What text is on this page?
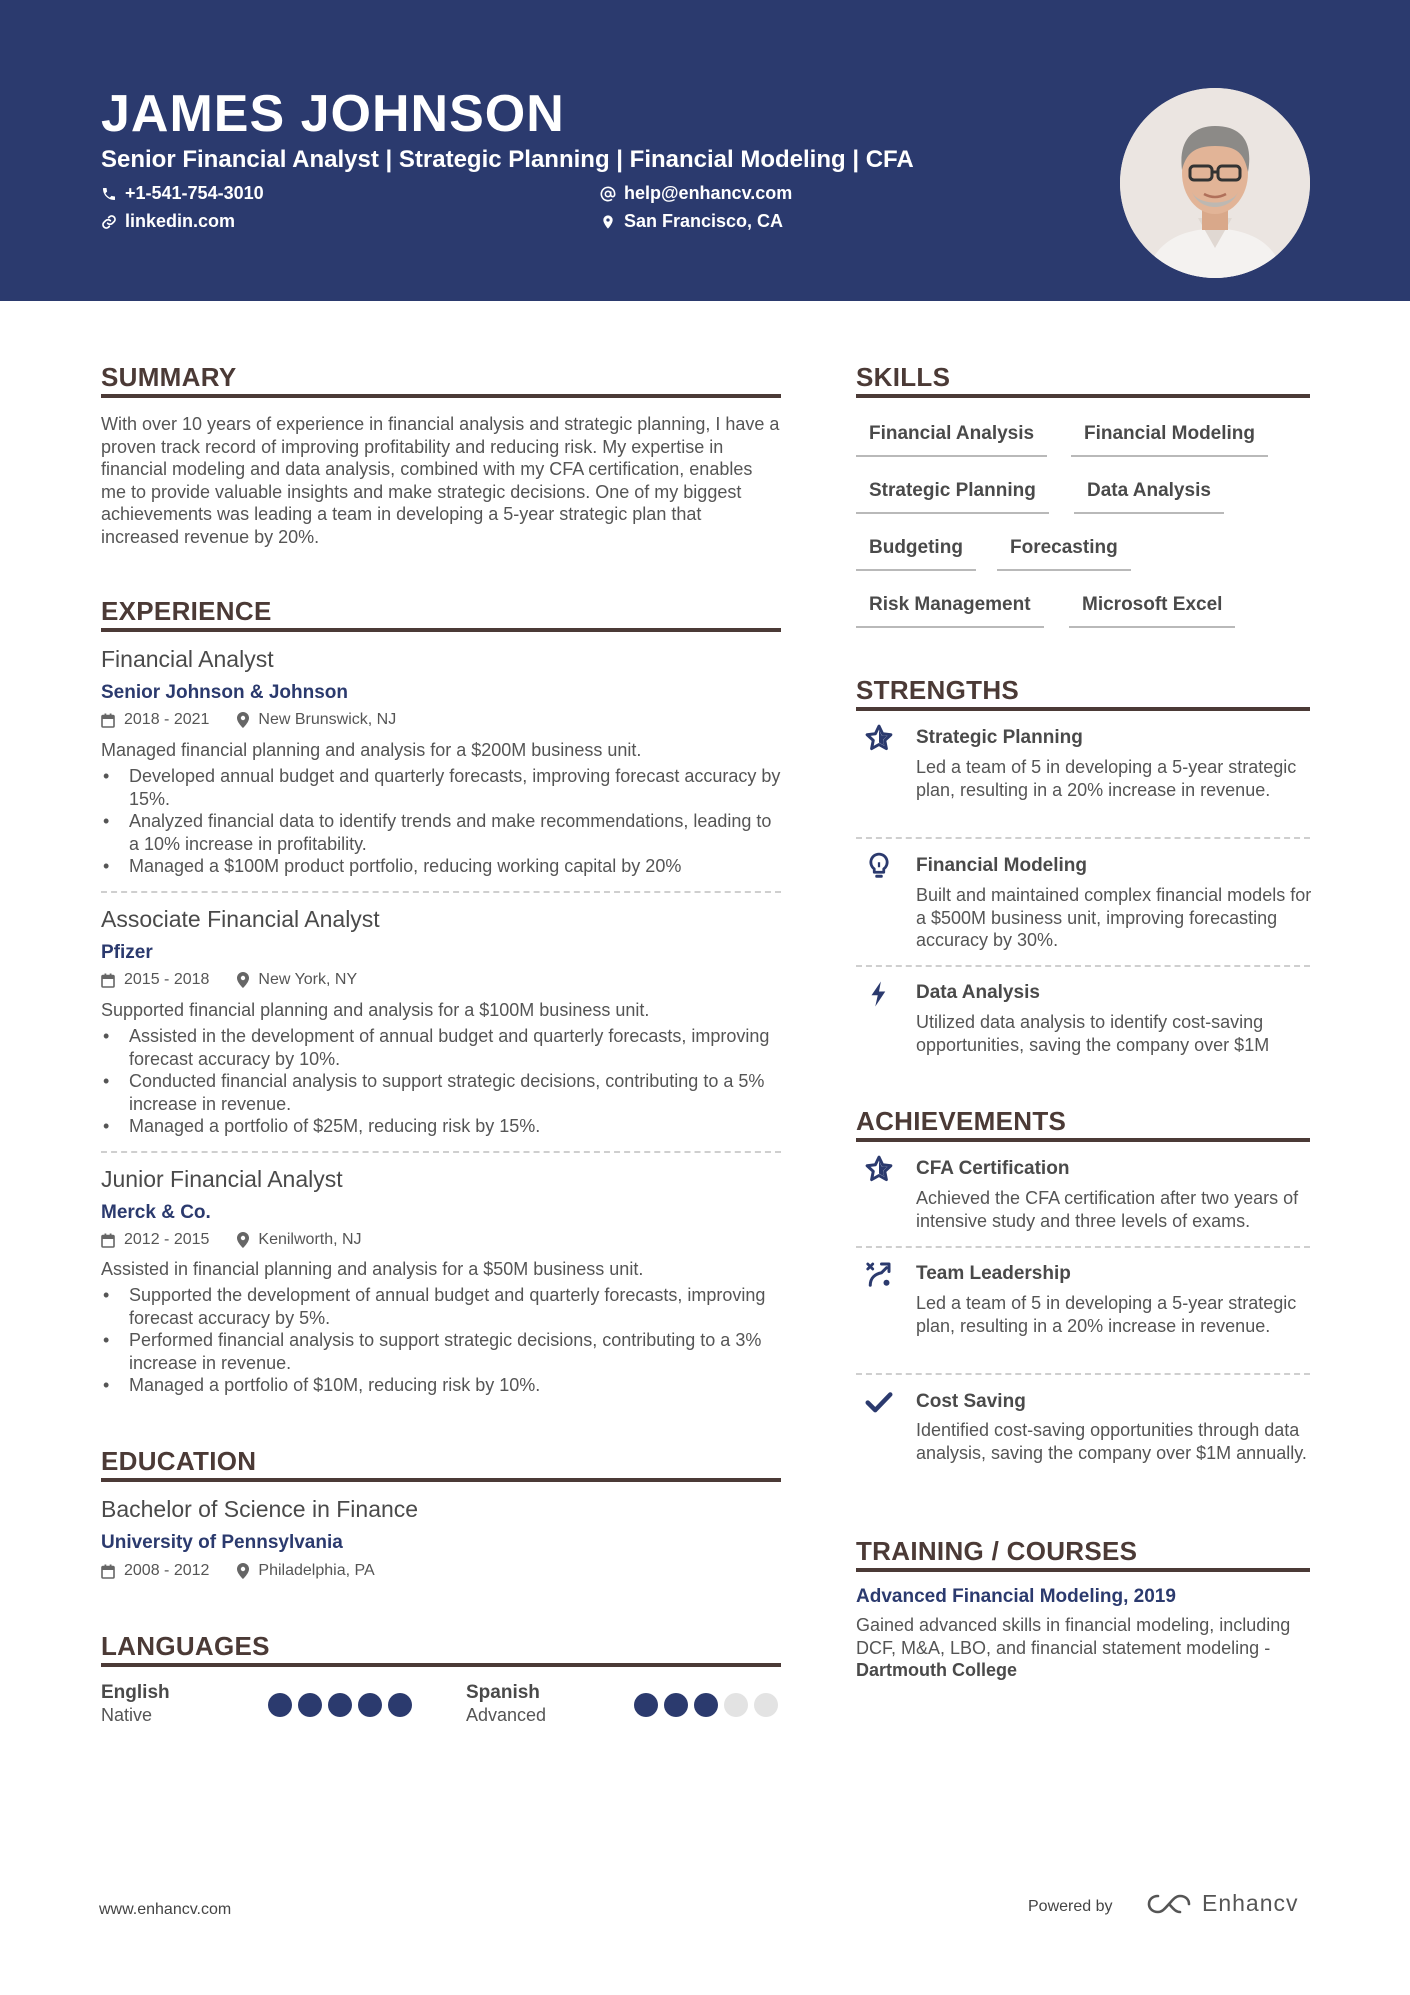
JAMES JOHNSON
Senior Financial Analyst | Strategic Planning | Financial Modeling | CFA
+1-541-754-3010	help@enhancv.com
linkedin.com	San Francisco, CA
SUMMARY
With over 10 years of experience in financial analysis and strategic planning, I have a proven track record of improving profitability and reducing risk. My expertise in financial modeling and data analysis, combined with my CFA certification, enables me to provide valuable insights and make strategic decisions. One of my biggest achievements was leading a team in developing a 5-year strategic plan that increased revenue by 20%.
EXPERIENCE
Financial Analyst
Senior Johnson & Johnson
2018 - 2021	New Brunswick, NJ
Managed financial planning and analysis for a $200M business unit.
• Developed annual budget and quarterly forecasts, improving forecast accuracy by 15%.
• Analyzed financial data to identify trends and make recommendations, leading to a 10% increase in profitability.
• Managed a $100M product portfolio, reducing working capital by 20%
Associate Financial Analyst
Pfizer
2015 - 2018	New York, NY
Supported financial planning and analysis for a $100M business unit.
• Assisted in the development of annual budget and quarterly forecasts, improving forecast accuracy by 10%.
• Conducted financial analysis to support strategic decisions, contributing to a 5% increase in revenue.
• Managed a portfolio of $25M, reducing risk by 15%.
Junior Financial Analyst
Merck & Co.
2012 - 2015	Kenilworth, NJ
Assisted in financial planning and analysis for a $50M business unit.
• Supported the development of annual budget and quarterly forecasts, improving forecast accuracy by 5%.
• Performed financial analysis to support strategic decisions, contributing to a 3% increase in revenue.
• Managed a portfolio of $10M, reducing risk by 10%.
EDUCATION
Bachelor of Science in Finance
University of Pennsylvania
2008 - 2012	Philadelphia, PA
LANGUAGES
English
Native
Spanish
Advanced
SKILLS
Financial Analysis	Financial Modeling
Strategic Planning	Data Analysis
Budgeting	Forecasting
Risk Management	Microsoft Excel
STRENGTHS
Strategic Planning
Led a team of 5 in developing a 5-year strategic plan, resulting in a 20% increase in revenue.
Financial Modeling
Built and maintained complex financial models for a $500M business unit, improving forecasting accuracy by 30%.
Data Analysis
Utilized data analysis to identify cost-saving opportunities, saving the company over $1M
ACHIEVEMENTS
CFA Certification
Achieved the CFA certification after two years of intensive study and three levels of exams.
Team Leadership
Led a team of 5 in developing a 5-year strategic plan, resulting in a 20% increase in revenue.
Cost Saving
Identified cost-saving opportunities through data analysis, saving the company over $1M annually.
TRAINING / COURSES
Advanced Financial Modeling, 2019
Gained advanced skills in financial modeling, including DCF, M&A, LBO, and financial statement modeling - Dartmouth College
www.enhancv.com	Powered by	Enhancv
